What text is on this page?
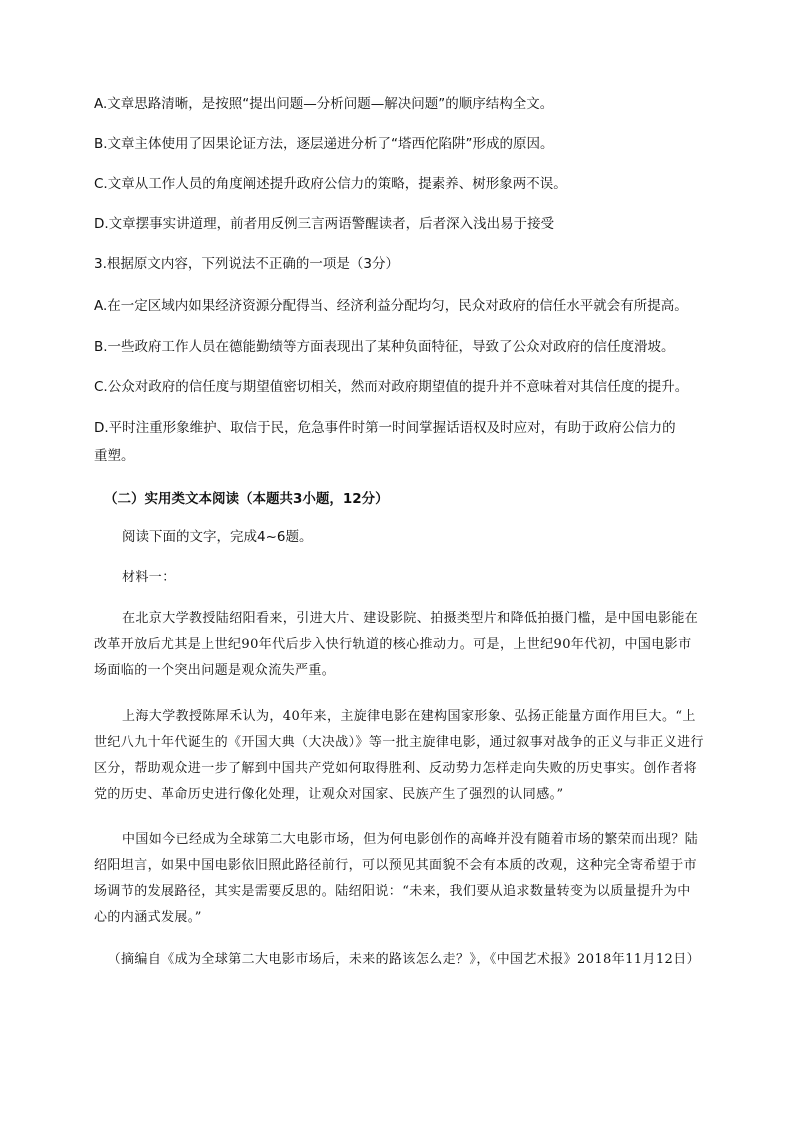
A.文章思路清晰，是按照“提出问题—分析问题—解决问题”的顺序结构全文。
B.文章主体使用了因果论证方法，逐层递进分析了“塔西佗陷阱”形成的原因。
C.文章从工作人员的角度阐述提升政府公信力的策略，提素养、树形象两不误。
D.文章摆事实讲道理，前者用反例三言两语警醒读者，后者深入浅出易于接受
3.根据原文内容，下列说法不正确的一项是（3分）
A.在一定区域内如果经济资源分配得当、经济利益分配均匀，民众对政府的信任水平就会有所提高。
B.一些政府工作人员在德能勤绩等方面表现出了某种负面特征，导致了公众对政府的信任度滑坡。
C.公众对政府的信任度与期望值密切相关，然而对政府期望值的提升并不意味着对其信任度的提升。
D.平时注重形象维护、取信于民，危急事件时第一时间掌握话语权及时应对，有助于政府公信力的
重塑。
（二）实用类文本阅读（本题共3小题，12分）
阅读下面的文字，完成4~6题。
材料一：
在北京大学教授陆绍阳看来，引进大片、建设影院、拍摄类型片和降低拍摄门槛，是中国电影能在改革开放后尤其是上世纪90年代后步入快行轨道的核心推动力。可是，上世纪90年代初，中国电影市场面临的一个突出问题是观众流失严重。
上海大学教授陈犀禾认为，40年来，主旋律电影在建构国家形象、弘扬正能量方面作用巨大。“上世纪八九十年代诞生的《开国大典（大决战）》等一批主旋律电影，通过叙事对战争的正义与非正义进行区分，帮助观众进一步了解到中国共产党如何取得胜利、反动势力怎样走向失败的历史事实。创作者将党的历史、革命历史进行像化处理，让观众对国家、民族产生了强烈的认同感。”
中国如今已经成为全球第二大电影市场，但为何电影创作的高峰并没有随着市场的繁荣而出现？陆绍阳坦言，如果中国电影依旧照此路径前行，可以预见其面貌不会有本质的改观，这种完全寄希望于市场调节的发展路径，其实是需要反思的。陆绍阳说：“未来，我们要从追求数量转变为以质量提升为中心的内涵式发展。”
（摘编自《成为全球第二大电影市场后，未来的路该怎么走？》，《中国艺术报》2018年11月12日）
